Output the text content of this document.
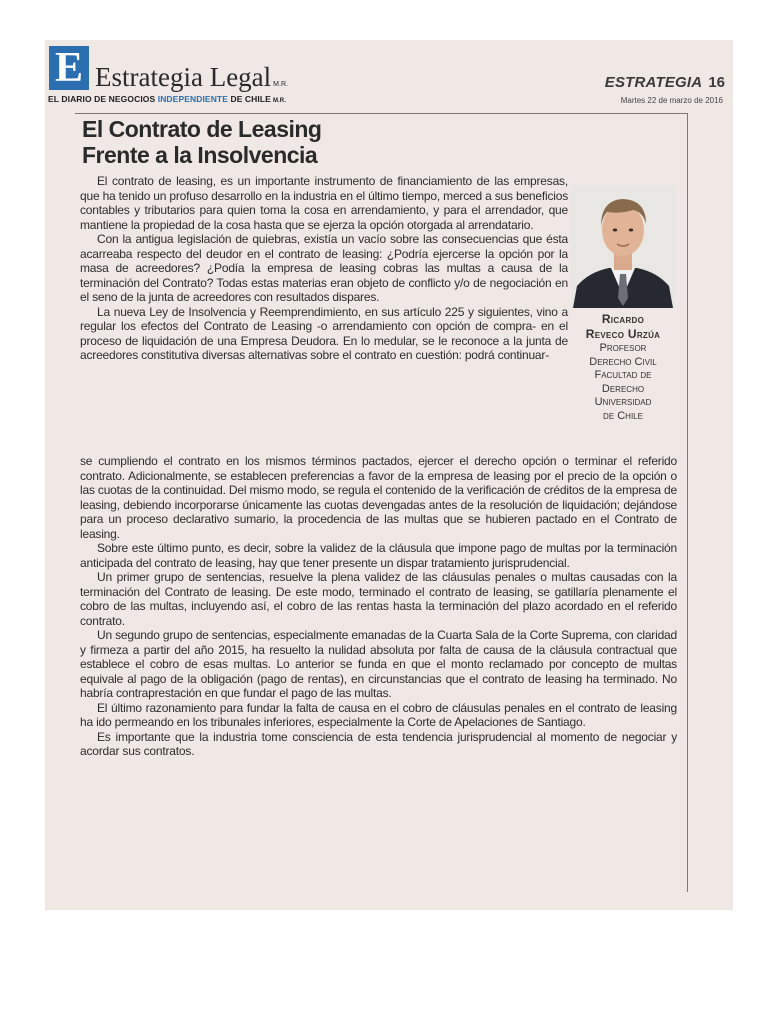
E Estrategia Legal M.R.
EL DIARIO DE NEGOCIOS INDEPENDIENTE DE CHILE M.R.
ESTRATEGIA 16
Martes 22 de marzo de 2016
El Contrato de Leasing
Frente a la Insolvencia
Ricardo
Reveco Urzúa
Profesor
Derecho Civil
Facultad de
Derecho
Universidad
de Chile

El contrato de leasing, es un importante instrumento de financiamiento de las empresas, que ha tenido un profuso desarrollo en la industria en el último tiempo, merced a sus beneficios contables y tributarios para quien toma la cosa en arrendamiento, y para el arrendador, que mantiene la propiedad de la cosa hasta que se ejerza la opción otorgada al arrendatario.

Con la antigua legislación de quiebras, existía un vacío sobre las consecuencias que ésta acarreaba respecto del deudor en el contrato de leasing: ¿Podría ejercerse la opción por la masa de acreedores? ¿Podía la empresa de leasing cobras las multas a causa de la terminación del Contrato? Todas estas materias eran objeto de conflicto y/o de negociación en el seno de la junta de acreedores con resultados dispares.

La nueva Ley de Insolvencia y Reemprendimiento, en sus artículo 225 y siguientes, vino a regular los efectos del Contrato de Leasing -o arrendamiento con opción de compra- en el proceso de liquidación de una Empresa Deudora. En lo medular, se le reconoce a la junta de acreedores constitutiva diversas alternativas sobre el contrato en cuestión: podrá continuar-

se cumpliendo el contrato en los mismos términos pactados, ejercer el derecho opción o terminar el referido contrato. Adicionalmente, se establecen preferencias a favor de la empresa de leasing por el precio de la opción o las cuotas de la continuidad. Del mismo modo, se regula el contenido de la verificación de créditos de la empresa de leasing, debiendo incorporarse únicamente las cuotas devengadas antes de la resolución de liquidación; dejándose para un proceso declarativo sumario, la procedencia de las multas que se hubieren pactado en el Contrato de leasing.

Sobre este último punto, es decir, sobre la validez de la cláusula que impone pago de multas por la terminación anticipada del contrato de leasing, hay que tener presente un dispar tratamiento jurisprudencial.

Un primer grupo de sentencias, resuelve la plena validez de las cláusulas penales o multas causadas con la terminación del Contrato de leasing. De este modo, terminado el contrato de leasing, se gatillaría plenamente el cobro de las multas, incluyendo así, el cobro de las rentas hasta la terminación del plazo acordado en el referido contrato.

Un segundo grupo de sentencias, especialmente emanadas de la Cuarta Sala de la Corte Suprema, con claridad y firmeza a partir del año 2015, ha resuelto la nulidad absoluta por falta de causa de la cláusula contractual que establece el cobro de esas multas. Lo anterior se funda en que el monto reclamado por concepto de multas equivale al pago de la obligación (pago de rentas), en circunstancias que el contrato de leasing ha terminado. No habría contraprestación en que fundar el pago de las multas.

El último razonamiento para fundar la falta de causa en el cobro de cláusulas penales en el contrato de leasing ha ido permeando en los tribunales inferiores, especialmente la Corte de Apelaciones de Santiago.

Es importante que la industria tome consciencia de esta tendencia jurisprudencial al momento de negociar y acordar sus contratos.
